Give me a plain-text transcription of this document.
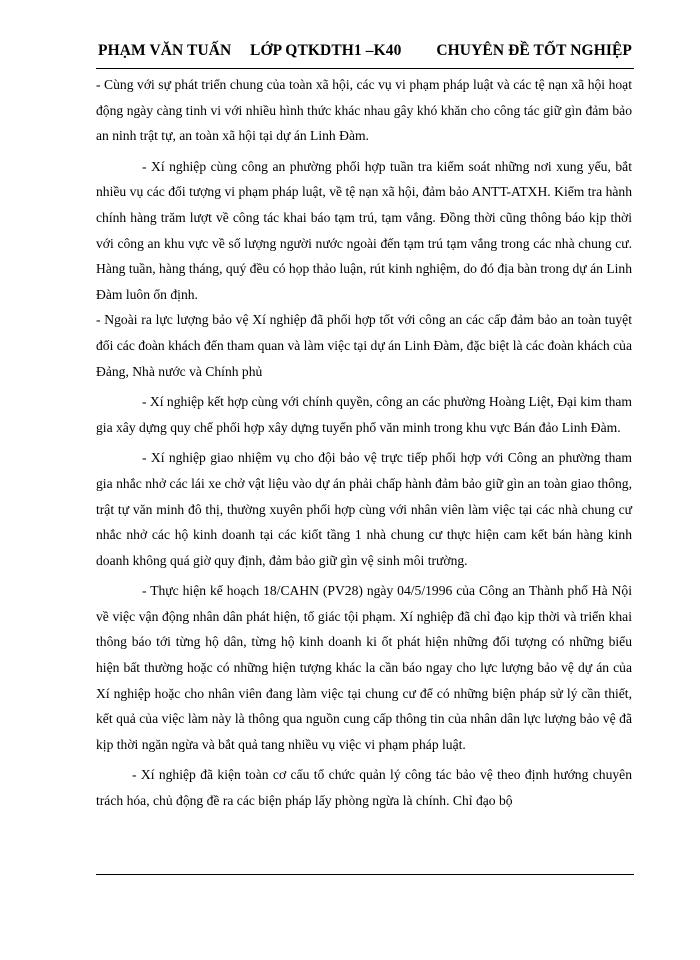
PHẠM VĂN TUẤN LỚP QTKDTH1 –K40 CHUYÊN ĐỀ TỐT NGHIỆP

- Cùng với sự phát triển chung của toàn xã hội, các vụ vi phạm pháp luật và các tệ nạn xã hội hoạt động ngày càng tinh vi với nhiều hình thức khác nhau gây khó khăn cho công tác giữ gìn đảm bảo an ninh trật tự, an toàn xã hội tại dự án Linh Đàm.

- Xí nghiệp cùng công an phường phối hợp tuần tra kiểm soát những nơi xung yếu, bắt nhiều vụ các đối tượng vi phạm pháp luật, về tệ nạn xã hội, đảm bảo ANTT-ATXH. Kiểm tra hành chính hàng trăm lượt về công tác khai báo tạm trú, tạm vắng. Đồng thời cũng thông báo kịp thời với công an khu vực về số lượng người nước ngoài đến tạm trú tạm vắng trong các nhà chung cư. Hàng tuần, hàng tháng, quý đều có họp thảo luận, rút kinh nghiệm, do đó địa bàn trong dự án Linh Đàm luôn ổn định.

- Ngoài ra lực lượng bảo vệ Xí nghiệp đã phối hợp tốt với công an các cấp đảm bảo an toàn tuyệt đối các đoàn khách đến tham quan và làm việc tại dự án Linh Đàm, đặc biệt là các đoàn khách của Đảng, Nhà nước và Chính phủ

- Xí nghiệp kết hợp cùng với chính quyền, công an các phường Hoàng Liệt, Đại kim tham gia xây dựng quy chế phối hợp xây dựng tuyến phố văn minh trong khu vực Bán đảo Linh Đàm.

- Xí nghiệp giao nhiệm vụ cho đội bảo vệ trực tiếp phối hợp với Công an phường tham gia nhắc nhở các lái xe chở vật liệu vào dự án phải chấp hành đảm bảo giữ gìn an toàn giao thông, trật tự văn minh đô thị, thường xuyên phối hợp cùng với nhân viên làm việc tại các nhà chung cư nhắc nhở các hộ kinh doanh tại các kiốt tầng 1 nhà chung cư thực hiện cam kết bán hàng kinh doanh không quá giờ quy định, đảm bảo giữ gìn vệ sinh môi trường.

- Thực hiện kế hoạch 18/CAHN (PV28) ngày 04/5/1996 của Công an Thành phố Hà Nội về việc vận động nhân dân phát hiện, tố giác tội phạm. Xí nghiệp đã chỉ đạo kịp thời và triển khai thông báo tới từng hộ dân, từng hộ kinh doanh ki ốt phát hiện những đối tượng có những biểu hiện bất thường hoặc có những hiện tượng khác la cần báo ngay cho lực lượng bảo vệ dự án của Xí nghiệp hoặc cho nhân viên đang làm việc tại chung cư để có những biện pháp sử lý cần thiết, kết quả của việc làm này là thông qua nguồn cung cấp thông tin của nhân dân lực lượng bảo vệ đã kịp thời ngăn ngừa và bắt quả tang nhiều vụ việc vi phạm pháp luật.

- Xí nghiệp đã kiện toàn cơ cấu tổ chức quản lý công tác bảo vệ theo định hướng chuyên trách hóa, chủ động đề ra các biện pháp lấy phòng ngừa là chính. Chỉ đạo bộ
